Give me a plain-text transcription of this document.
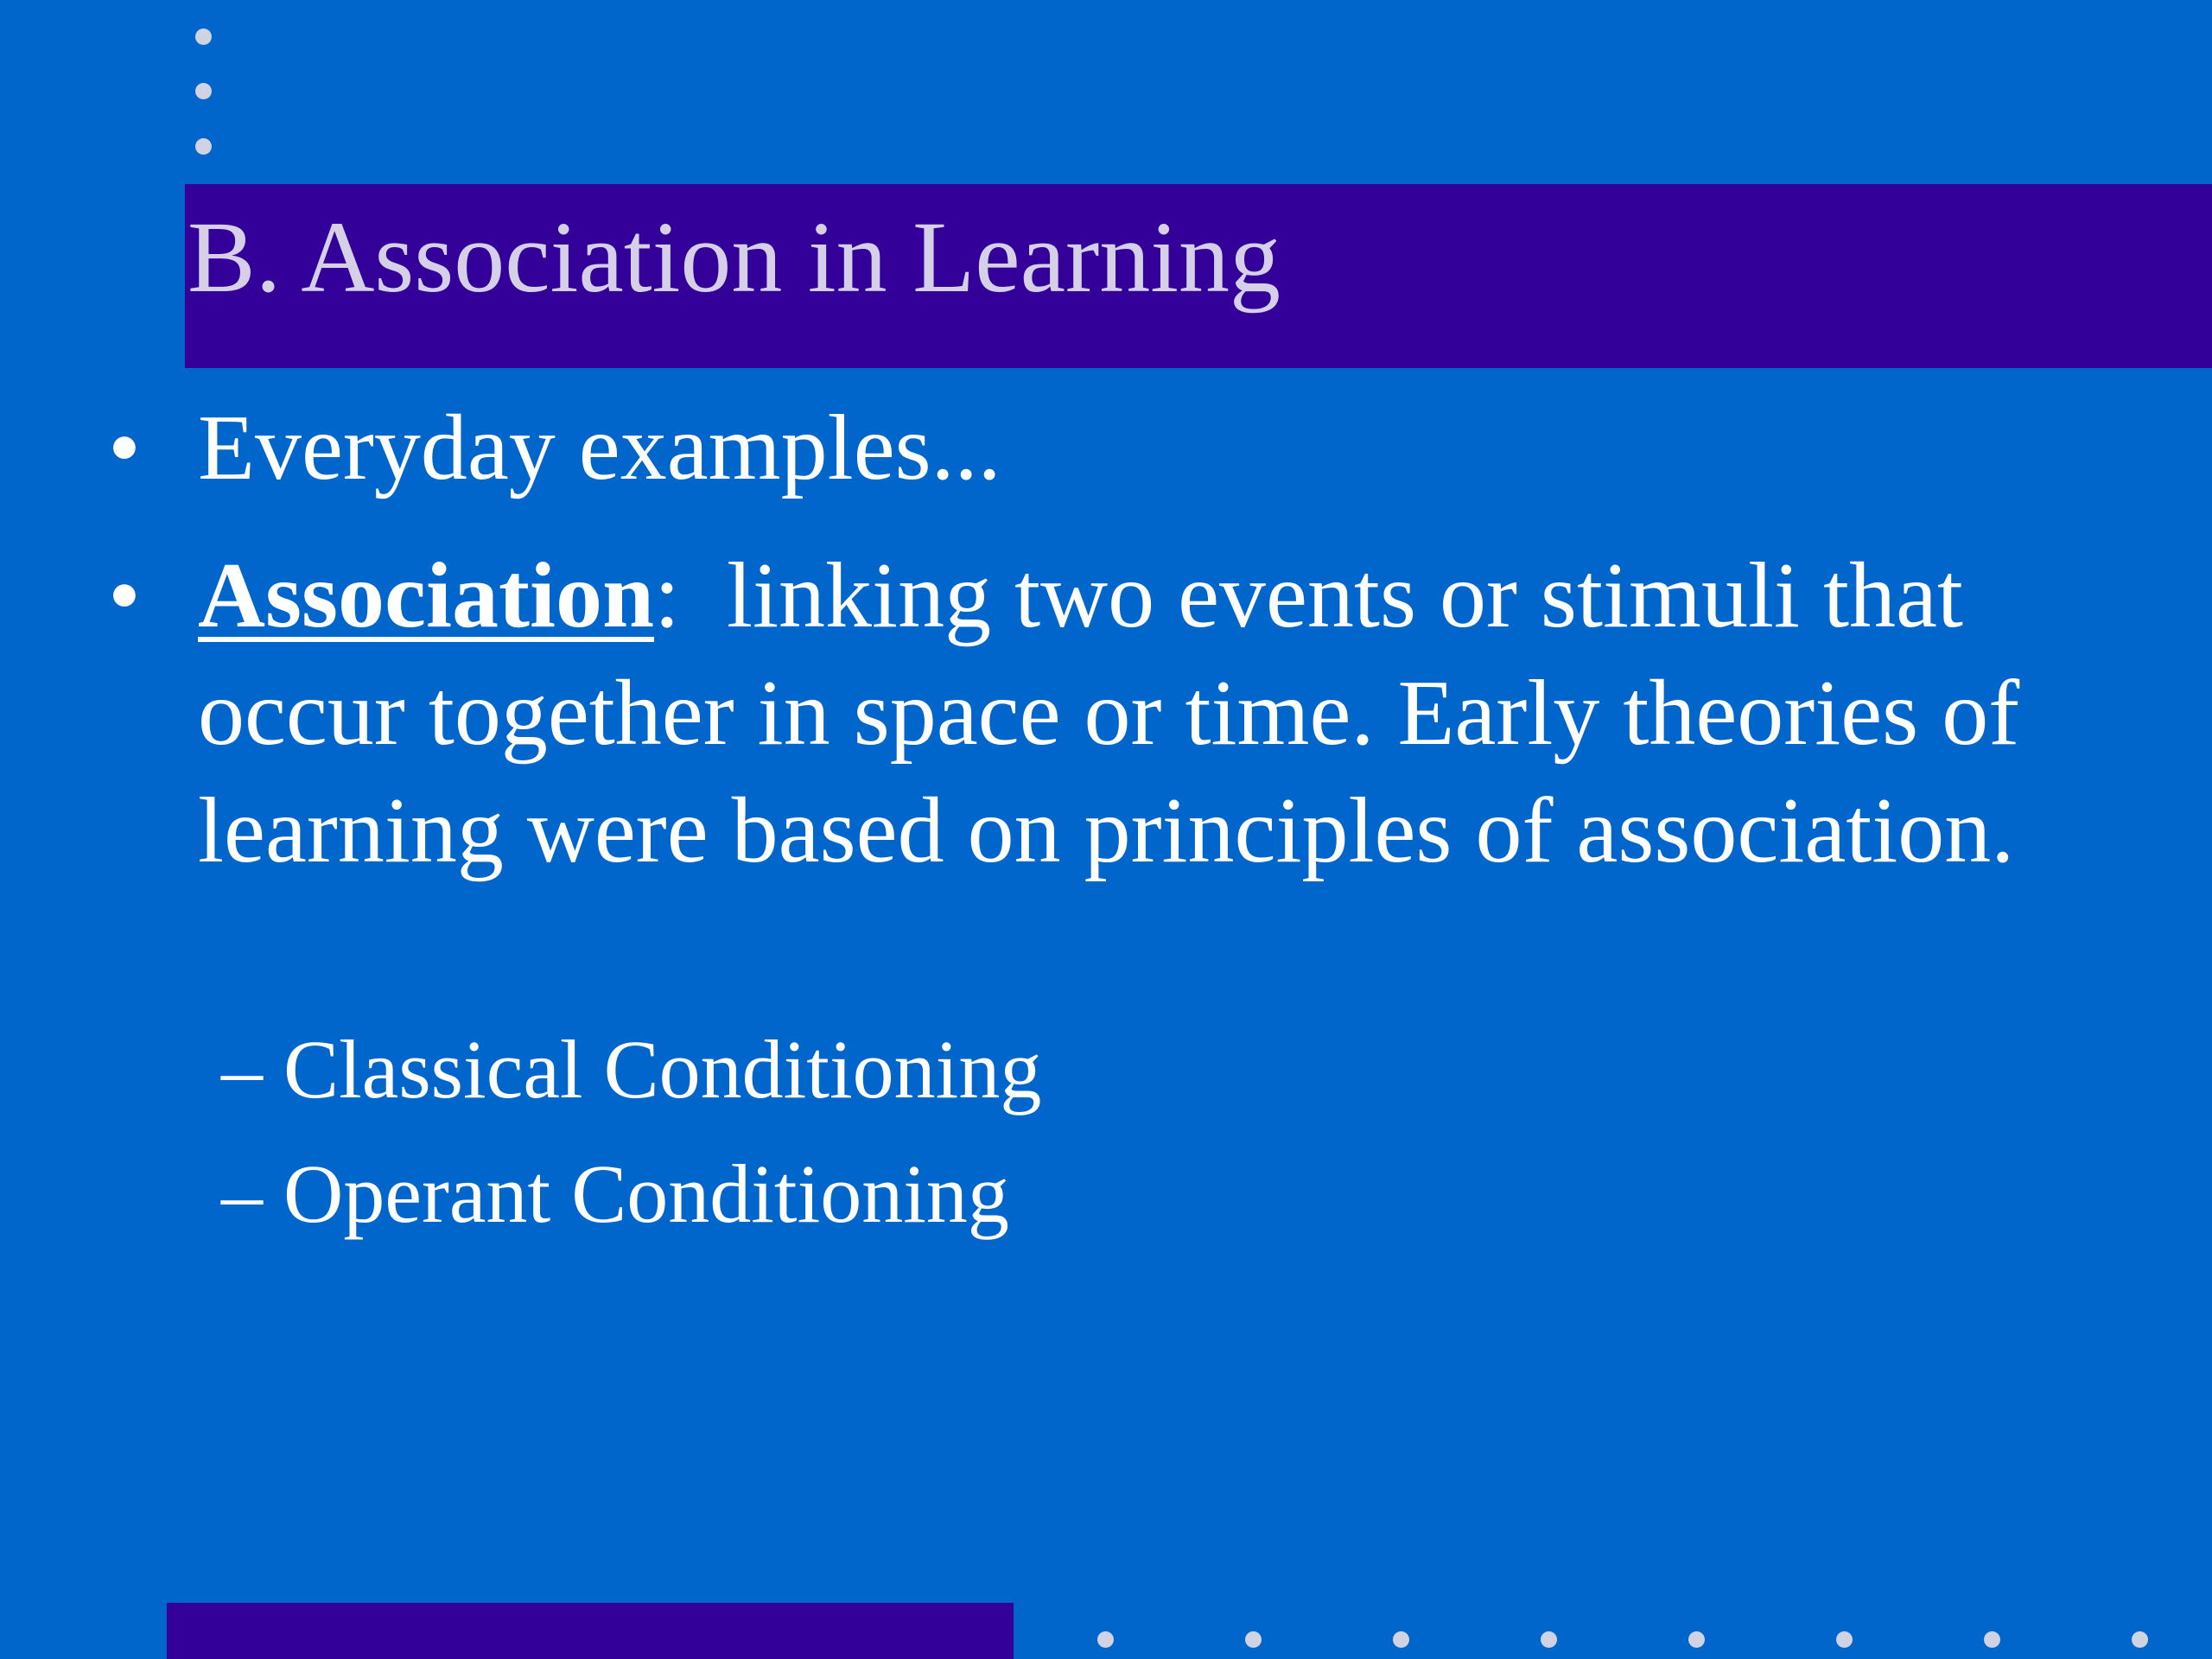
B. Association in Learning
• Everyday examples...
• Association:  linking two events or stimuli that occur together in space or time. Early theories of learning were based on principles of association.
– Classical Conditioning
– Operant Conditioning
